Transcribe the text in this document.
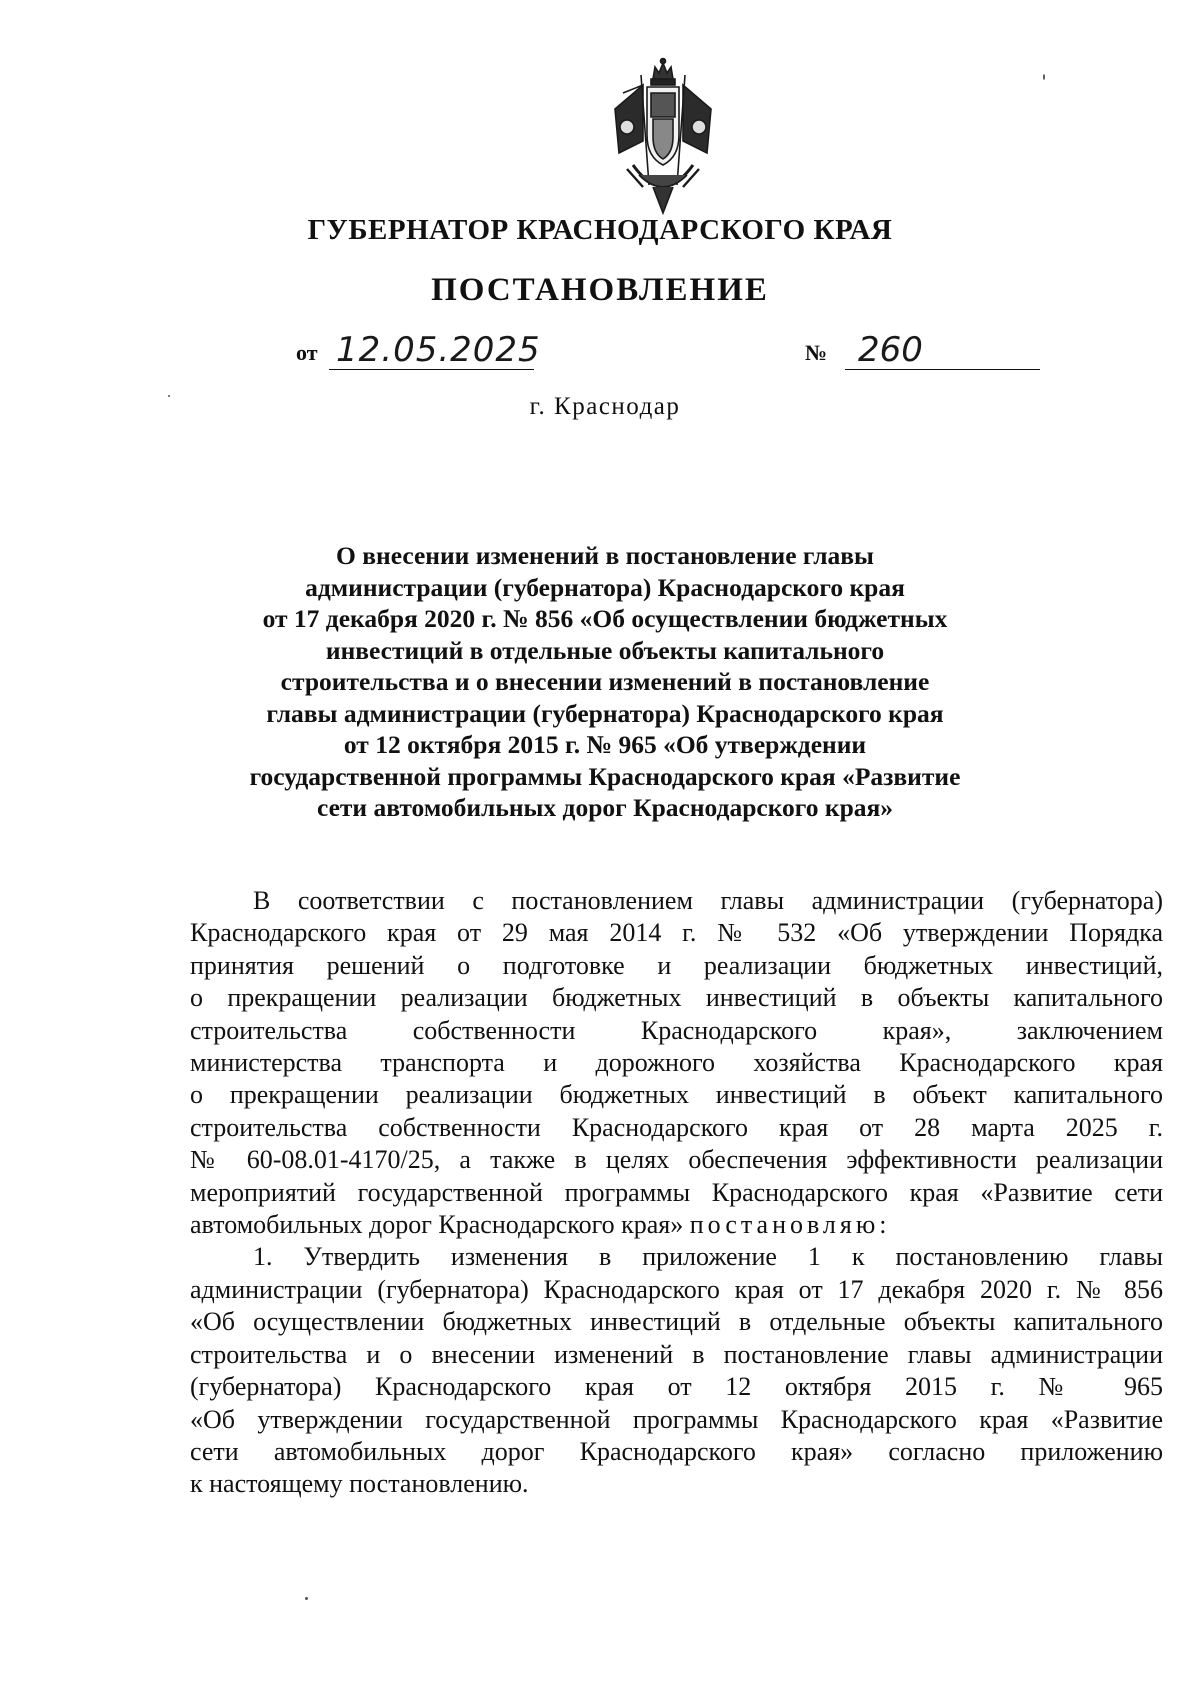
ГУБЕРНАТОР КРАСНОДАРСКОГО КРАЯ
ПОСТАНОВЛЕНИЕ
от 12.05.2025	№ 260
г. Краснодар
О внесении изменений в постановление главы
администрации (губернатора) Краснодарского края
от 17 декабря 2020 г. № 856 «Об осуществлении бюджетных
инвестиций в отдельные объекты капитального
строительства и о внесении изменений в постановление
главы администрации (губернатора) Краснодарского края
от 12 октября 2015 г. № 965 «Об утверждении
государственной программы Краснодарского края «Развитие
сети автомобильных дорог Краснодарского края»
В соответствии с постановлением главы администрации (губернатора)
Краснодарского края от 29 мая 2014 г. № 532 «Об утверждении Порядка
принятия решений о подготовке и реализации бюджетных инвестиций,
о прекращении реализации бюджетных инвестиций в объекты капитального
строительства собственности Краснодарского края», заключением
министерства транспорта и дорожного хозяйства Краснодарского края
о прекращении реализации бюджетных инвестиций в объект капитального
строительства собственности Краснодарского края от 28 марта 2025 г.
№ 60-08.01-4170/25, а также в целях обеспечения эффективности реализации
мероприятий государственной программы Краснодарского края «Развитие сети
автомобильных дорог Краснодарского края» постановляю:
1. Утвердить изменения в приложение 1 к постановлению главы
администрации (губернатора) Краснодарского края от 17 декабря 2020 г. № 856
«Об осуществлении бюджетных инвестиций в отдельные объекты капитального
строительства и о внесении изменений в постановление главы администрации
(губернатора) Краснодарского края от 12 октября 2015 г. № 965
«Об утверждении государственной программы Краснодарского края «Развитие
сети автомобильных дорог Краснодарского края» согласно приложению
к настоящему постановлению.
